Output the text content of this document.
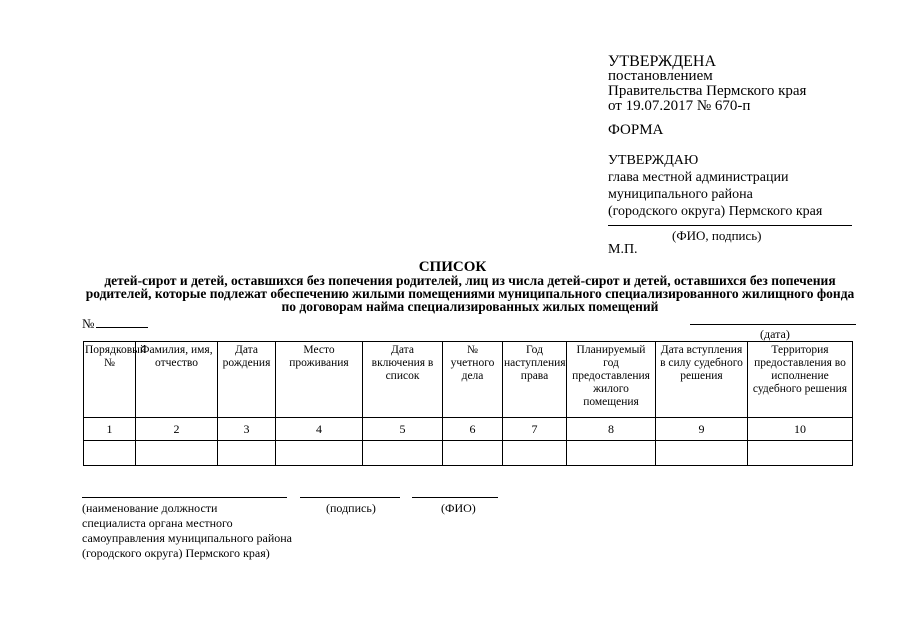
УТВЕРЖДЕНА
постановлением
Правительства Пермского края
от 19.07.2017 № 670-п
ФОРМА
УТВЕРЖДАЮ
глава местной администрации
муниципального района
(городского округа) Пермского края
(ФИО, подпись)
М.П.
СПИСОК
детей-сирот и детей, оставшихся без попечения родителей, лиц из числа детей-сирот и детей, оставшихся без попечения родителей, которые подлежат обеспечению жилыми помещениями муниципального специализированного жилищного фонда по договорам найма специализированных жилых помещений
№
(дата)
Порядковый №	Фамилия, имя, отчество	Дата рождения	Место проживания	Дата включения в список	№ учетного дела	Год наступления права	Планируемый год предоставления жилого помещения	Дата вступления в силу судебного решения	Территория предоставления во исполнение судебного решения
1	2	3	4	5	6	7	8	9	10

(наименование должности
специалиста органа местного
самоуправления муниципального района
(городского округа) Пермского края)
(подпись)	(ФИО)
